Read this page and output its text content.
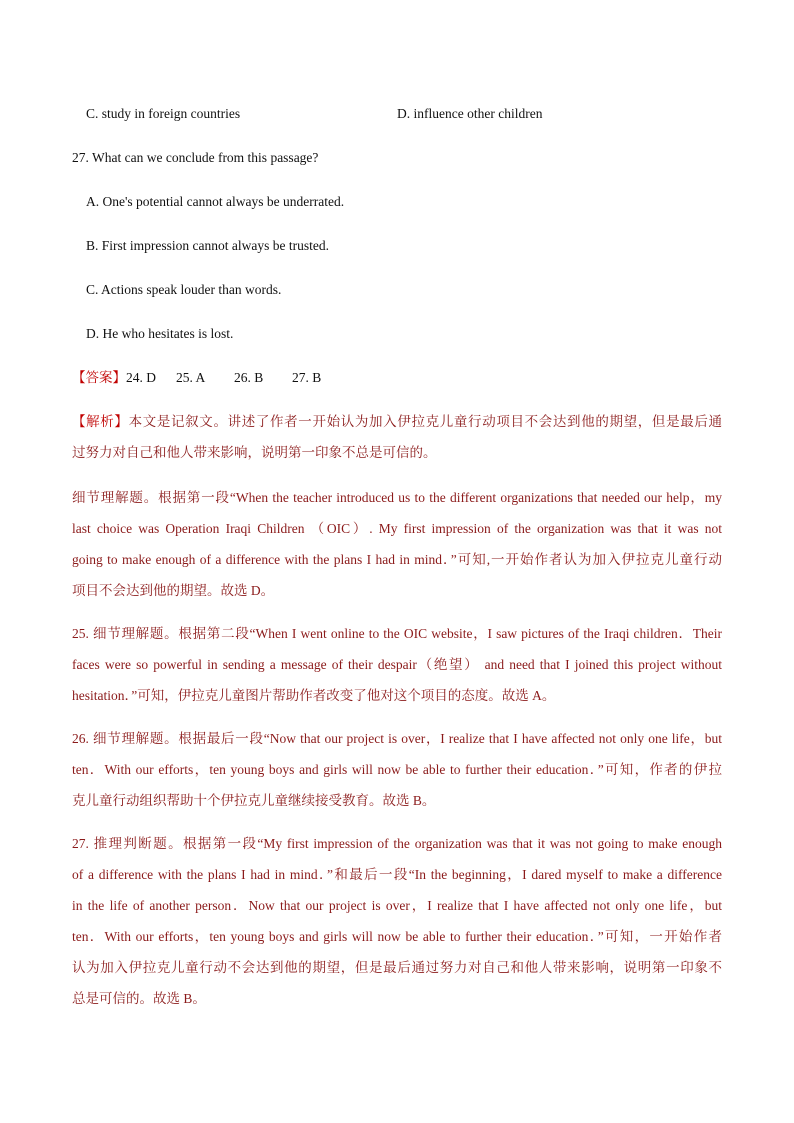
C. study in foreign countries	D. influence other children
27. What can we conclude from this passage?
A. One's potential cannot always be underrated.
B. First impression cannot always be trusted.
C. Actions speak louder than words.
D. He who hesitates is lost.
【答案】24. D 25. A 26. B 27. B
【解析】本文是记叙文。讲述了作者一开始认为加入伊拉克儿童行动项目不会达到他的期望，但是最后通
过努力对自己和他人带来影响，说明第一印象不总是可信的。
细节理解题。根据第一段“When the teacher introduced us to the different organizations that needed our help，my
last choice was Operation Iraqi Children （OIC）. My first impression of the organization was that it was not
going to make enough of a difference with the plans I had in mind．”可知,一开始作者认为加入伊拉克儿童行动
项目不会达到他的期望。故选 D。
25. 细节理解题。根据第二段“When I went online to the OIC website，I saw pictures of the Iraqi children．Their
faces were so powerful in sending a message of their despair（绝望） and need that I joined this project without
hesitation．”可知，伊拉克儿童图片帮助作者改变了他对这个项目的态度。故选 A。
26. 细节理解题。根据最后一段“Now that our project is over，I realize that I have affected not only one life，but
ten．With our efforts，ten young boys and girls will now be able to further their education．”可知，作者的伊拉
克儿童行动组织帮助十个伊拉克儿童继续接受教育。故选 B。
27. 推理判断题。根据第一段“My first impression of the organization was that it was not going to make enough
of a difference with the plans I had in mind．”和最后一段“In the beginning，I dared myself to make a difference
in the life of another person．Now that our project is over，I realize that I have affected not only one life，but
ten．With our efforts，ten young boys and girls will now be able to further their education．”可知，一开始作者
认为加入伊拉克儿童行动不会达到他的期望，但是最后通过努力对自己和他人带来影响，说明第一印象不
总是可信的。故选 B。
